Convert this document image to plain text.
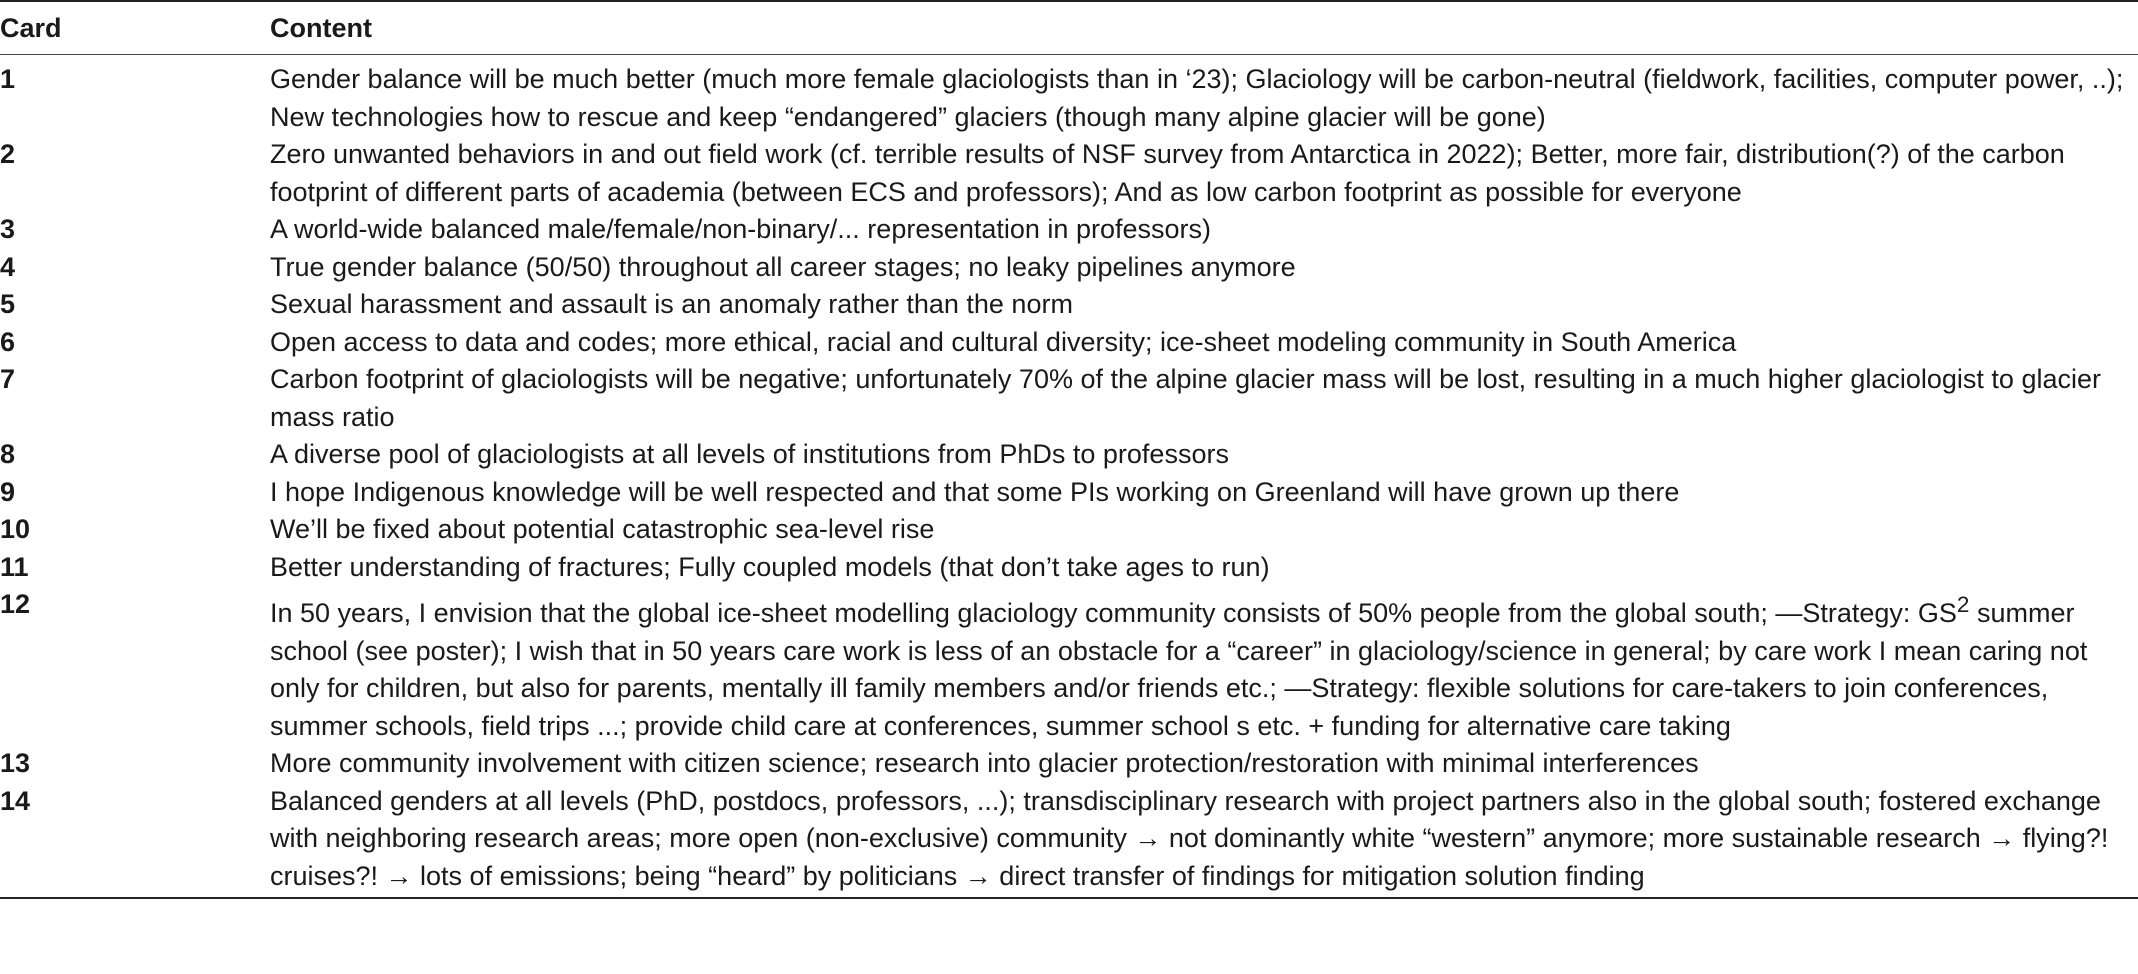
Card	Content
1	Gender balance will be much better (much more female glaciologists than in ‘23); Glaciology will be carbon-neutral (fieldwork, facilities, computer power, ..); New technologies how to rescue and keep “endangered” glaciers (though many alpine glacier will be gone)
2	Zero unwanted behaviors in and out field work (cf. terrible results of NSF survey from Antarctica in 2022); Better, more fair, distribution(?) of the carbon footprint of different parts of academia (between ECS and professors); And as low carbon footprint as possible for everyone
3	A world-wide balanced male/female/non-binary/... representation in professors)
4	True gender balance (50/50) throughout all career stages; no leaky pipelines anymore
5	Sexual harassment and assault is an anomaly rather than the norm
6	Open access to data and codes; more ethical, racial and cultural diversity; ice-sheet modeling community in South America
7	Carbon footprint of glaciologists will be negative; unfortunately 70% of the alpine glacier mass will be lost, resulting in a much higher glaciologist to glacier mass ratio
8	A diverse pool of glaciologists at all levels of institutions from PhDs to professors
9	I hope Indigenous knowledge will be well respected and that some PIs working on Greenland will have grown up there
10	We’ll be fixed about potential catastrophic sea-level rise
11	Better understanding of fractures; Fully coupled models (that don’t take ages to run)
12	In 50 years, I envision that the global ice-sheet modelling glaciology community consists of 50% people from the global south; —Strategy: $GS^2$ summer school (see poster); I wish that in 50 years care work is less of an obstacle for a “career” in glaciology/science in general; by care work I mean caring not only for children, but also for parents, mentally ill family members and/or friends etc.; —Strategy: flexible solutions for care-takers to join conferences, summer schools, field trips ...; provide child care at conferences, summer school s etc. + funding for alternative care taking
13	More community involvement with citizen science; research into glacier protection/restoration with minimal interferences
14	Balanced genders at all levels (PhD, postdocs, professors, ...); transdisciplinary research with project partners also in the global south; fostered exchange with neighboring research areas; more open (non-exclusive) community → not dominantly white “western” anymore; more sustainable research → flying?! cruises?! → lots of emissions; being “heard” by politicians → direct transfer of findings for mitigation solution finding
